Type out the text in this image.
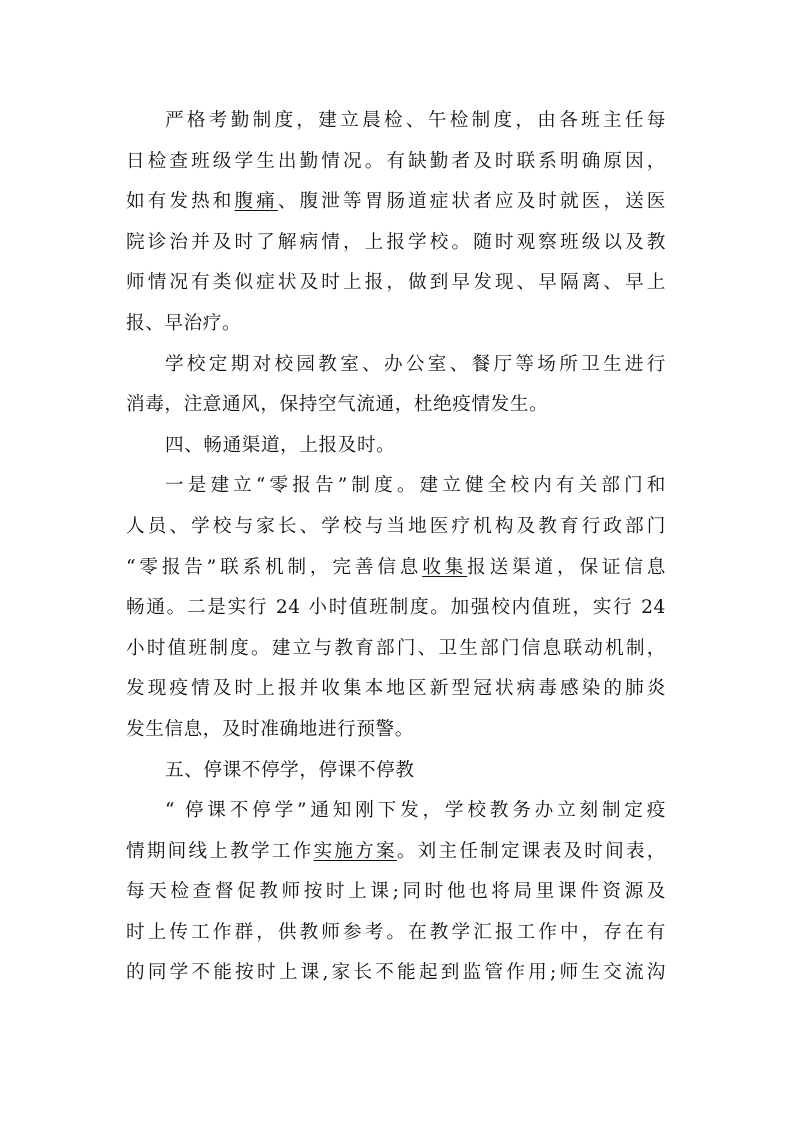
严格考勤制度，建立晨检、午检制度，由各班主任每
日检查班级学生出勤情况。有缺勤者及时联系明确原因，
如有发热和腹痛、腹泄等胃肠道症状者应及时就医，送医
院诊治并及时了解病情，上报学校。随时观察班级以及教
师情况有类似症状及时上报，做到早发现、早隔离、早上
报、早治疗。
学校定期对校园教室、办公室、餐厅等场所卫生进行
消毒，注意通风，保持空气流通，杜绝疫情发生。
四、畅通渠道，上报及时。
一是建立“零报告”制度。建立健全校内有关部门和
人员、学校与家长、学校与当地医疗机构及教育行政部门
“零报告”联系机制，完善信息收集报送渠道，保证信息
畅通。二是实行 24 小时值班制度。加强校内值班，实行 24
小时值班制度。建立与教育部门、卫生部门信息联动机制，
发现疫情及时上报并收集本地区新型冠状病毒感染的肺炎
发生信息，及时准确地进行预警。
五、停课不停学，停课不停教
“ 停课不停学”通知刚下发，学校教务办立刻制定疫
情期间线上教学工作实施方案。刘主任制定课表及时间表，
每天检查督促教师按时上课;同时他也将局里课件资源及
时上传工作群，供教师参考。在教学汇报工作中，存在有
的同学不能按时上课,家长不能起到监管作用;师生交流沟
